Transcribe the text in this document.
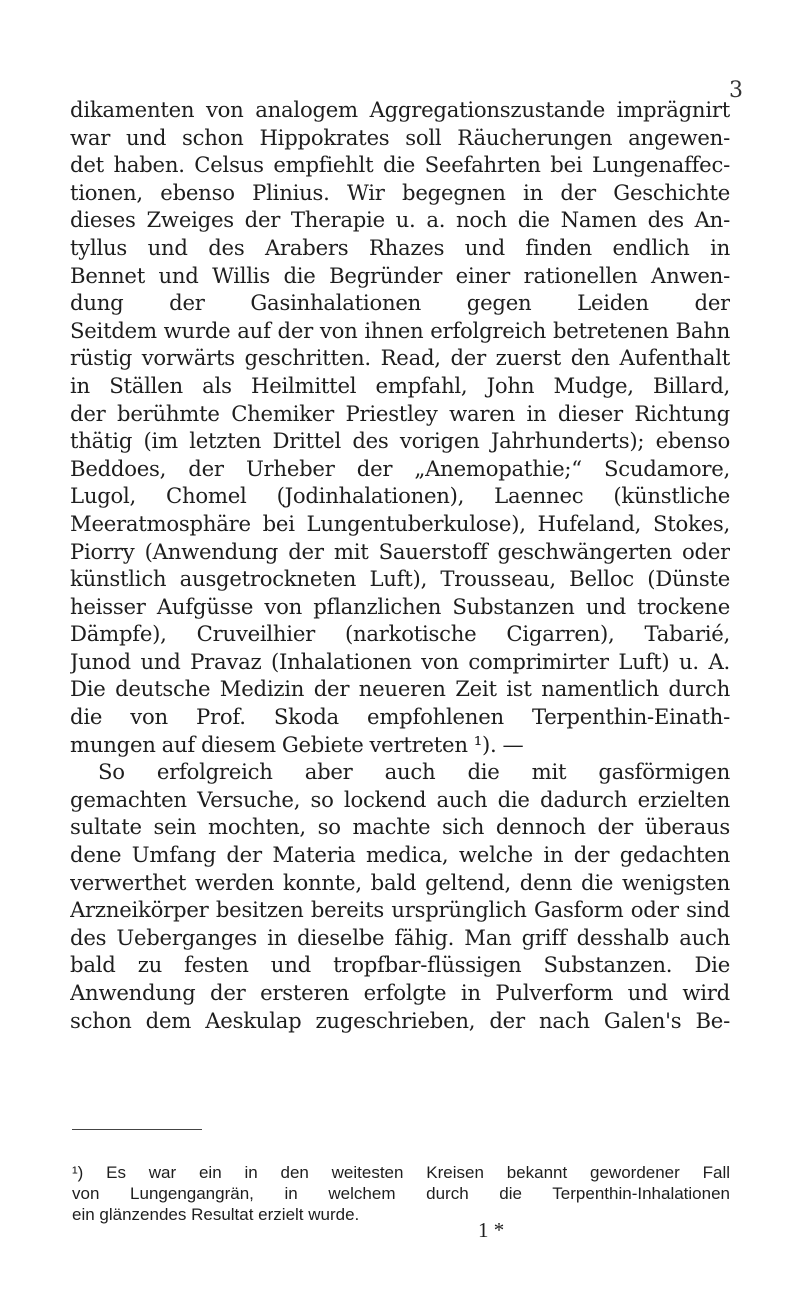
3
dikamenten von analogem Aggregationszustande imprägnirt
war und schon Hippokrates soll Räucherungen angewen-
det haben. Celsus empfiehlt die Seefahrten bei Lungenaffec-
tionen, ebenso Plinius. Wir begegnen in der Geschichte
dieses Zweiges der Therapie u. a. noch die Namen des An-
tyllus und des Arabers Rhazes und finden endlich in
Bennet und Willis die Begründer einer rationellen Anwen-
dung der Gasinhalationen gegen Leiden der
Seitdem wurde auf der von ihnen erfolgreich betretenen Bahn
rüstig vorwärts geschritten. Read, der zuerst den Aufenthalt
in Ställen als Heilmittel empfahl, John Mudge, Billard,
der berühmte Chemiker Priestley waren in dieser Richtung
thätig (im letzten Drittel des vorigen Jahrhunderts); ebenso
Beddoes, der Urheber der „Anemopathie;“ Scudamore,
Lugol, Chomel (Jodinhalationen), Laennec (künstliche
Meeratmosphäre bei Lungentuberkulose), Hufeland, Stokes,
Piorry (Anwendung der mit Sauerstoff geschwängerten oder
künstlich ausgetrockneten Luft), Trousseau, Belloc (Dünste
heisser Aufgüsse von pflanzlichen Substanzen und trockene
Dämpfe), Cruveilhier (narkotische Cigarren), Tabarié,
Junod und Pravaz (Inhalationen von comprimirter Luft) u. A.
Die deutsche Medizin der neueren Zeit ist namentlich durch
die von Prof. Skoda empfohlenen Terpenthin-Einath-
mungen auf diesem Gebiete vertreten ¹). —
So erfolgreich aber auch die mit gasförmigen
gemachten Versuche, so lockend auch die dadurch erzielten
sultate sein mochten, so machte sich dennoch der überaus
dene Umfang der Materia medica, welche in der gedachten
verwerthet werden konnte, bald geltend, denn die wenigsten
Arzneikörper besitzen bereits ursprünglich Gasform oder sind
des Ueberganges in dieselbe fähig. Man griff desshalb auch
bald zu festen und tropfbar-flüssigen Substanzen. Die
Anwendung der ersteren erfolgte in Pulverform und wird
schon dem Aeskulap zugeschrieben, der nach Galen's Be-
¹) Es war ein in den weitesten Kreisen bekannt gewordener Fall
von Lungengangrän, in welchem durch die Terpenthin-Inhalationen
ein glänzendes Resultat erzielt wurde.
1 *
